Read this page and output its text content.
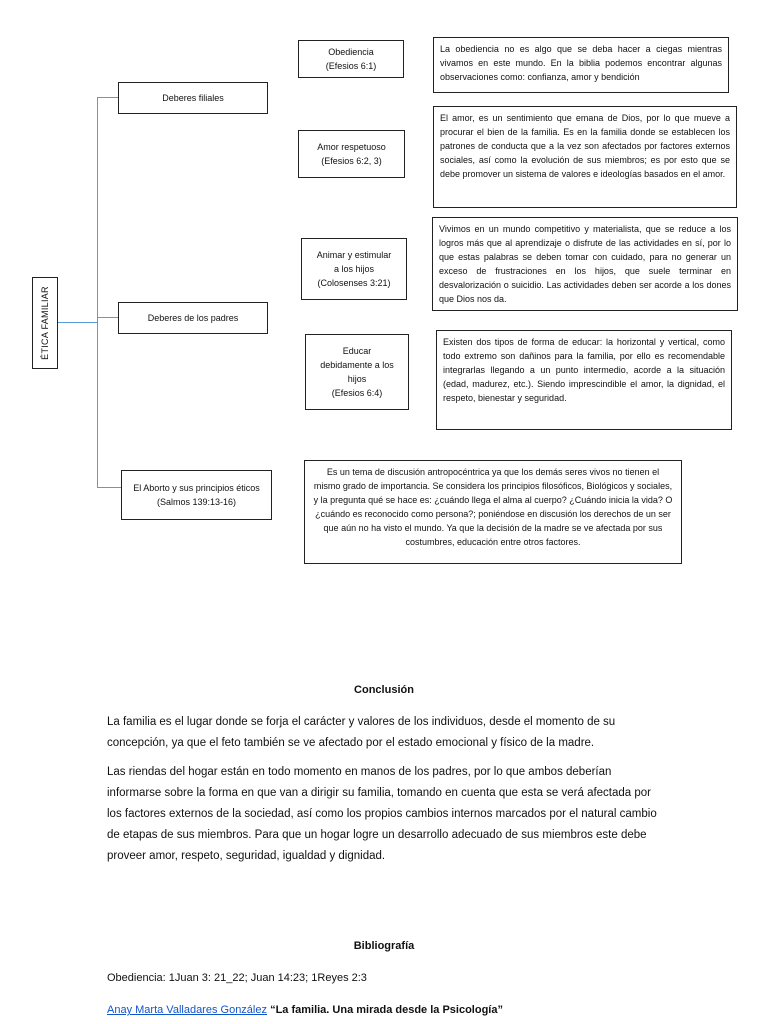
ÉTICA FAMILIAR
Deberes filiales
Deberes de los padres
El Aborto y sus principios éticos
(Salmos 139:13-16)
Obediencia
(Efesios 6:1)
Amor respetuoso
(Efesios 6:2, 3)
Animar y estimular
a los hijos
(Colosenses 3:21)
Educar
debidamente a los
hijos
(Efesios 6:4)
La obediencia no es algo que se deba hacer a ciegas mientras vivamos en este mundo. En la biblia podemos encontrar algunas observaciones como: confianza, amor y bendición
El amor, es un sentimiento que emana de Dios, por lo que mueve a procurar el bien de la familia. Es en la familia donde se establecen los patrones de conducta que a la vez son afectados por factores externos sociales, así como la evolución de sus miembros; es por esto que se debe promover un sistema de valores e ideologías basados en el amor.
Vivimos en un mundo competitivo y materialista, que se reduce a los logros más que al aprendizaje o disfrute de las actividades en sí, por lo que estas palabras se deben tomar con cuidado, para no generar un exceso de frustraciones en los hijos, que suele terminar en desvalorización o suicidio. Las actividades deben ser acorde a los dones que Dios nos da.
Existen dos tipos de forma de educar: la horizontal y vertical, como todo extremo son dañinos para la familia, por ello es recomendable integrarlas llegando a un punto intermedio, acorde a la situación (edad, madurez, etc.). Siendo imprescindible el amor, la dignidad, el respeto, bienestar y seguridad.
Es un tema de discusión antropocéntrica ya que los demás seres vivos no tienen el mismo grado de importancia. Se considera los principios filosóficos, Biológicos y sociales, y la pregunta qué se hace es: ¿cuándo llega el alma al cuerpo? ¿Cuándo inicia la vida? O ¿cuándo es reconocido como persona?; poniéndose en discusión los derechos de un ser que aún no ha visto el mundo. Ya que la decisión de la madre se ve afectada por sus costumbres, educación entre otros factores.
Conclusión

La familia es el lugar donde se forja el carácter y valores de los individuos, desde el momento de su concepción, ya que el feto también se ve afectado por el estado emocional y físico de la madre.

Las riendas del hogar están en todo momento en manos de los padres, por lo que ambos deberían informarse sobre la forma en que van a dirigir su familia, tomando en cuenta que esta se verá afectada por los factores externos de la sociedad, así como los propios cambios internos marcados por el natural cambio de etapas de sus miembros. Para que un hogar logre un desarrollo adecuado de sus miembros este debe proveer amor, respeto, seguridad, igualdad y dignidad.

Bibliografía
Obediencia: 1Juan 3: 21_22; Juan 14:23; 1Reyes 2:3
Anay Marta Valladares González “La familia. Una mirada desde la Psicología”
